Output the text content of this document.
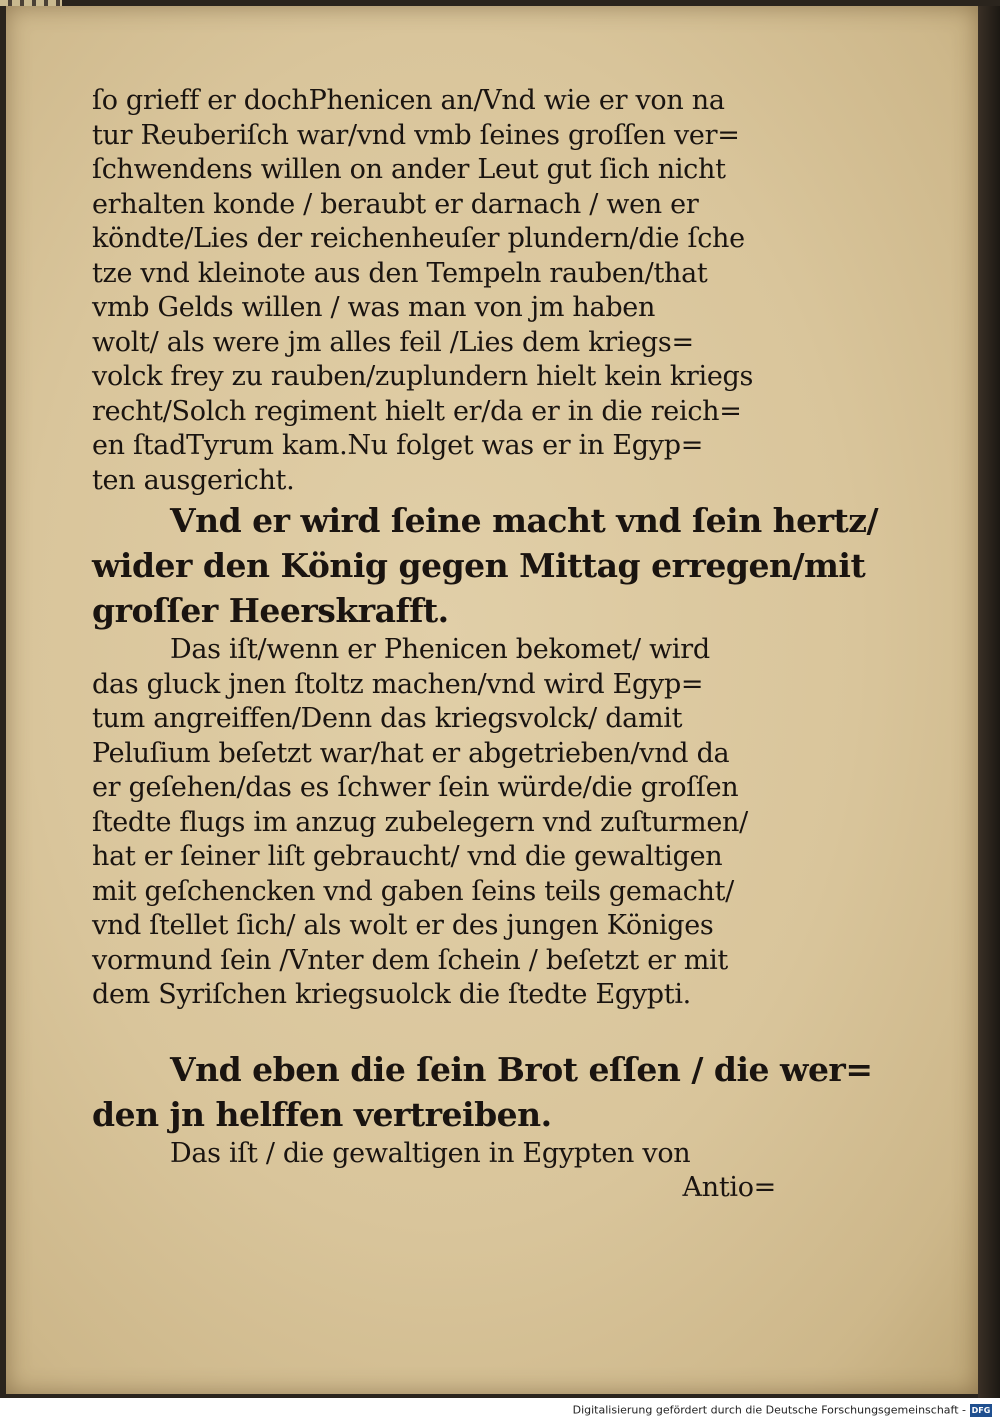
ſo grieff er dochPhenicen an/Vnd wie er von na
tur Reuberiſch war/vnd vmb ſeines groſſen ver=
ſchwendens willen on ander Leut gut ſich nicht
erhalten konde / beraubt er darnach / wen er
köndte/Lies der reichenheuſer plundern/die ſche
tze vnd kleinote aus den Tempeln rauben/that
vmb Gelds willen / was man von jm haben
wolt/ als were jm alles feil /Lies dem kriegs=
volck frey zu rauben/zuplundern hielt kein kriegs
recht/Solch regiment hielt er/da er in die reich=
en ſtadTyrum kam.Nu folget was er in Egyp=
ten ausgericht.
Vnd er wird ſeine macht vnd ſein hertz/
wider den König gegen Mittag erregen/mit
groſſer Heerskrafft.
Das iſt/wenn er Phenicen bekomet/ wird
das gluck jnen ſtoltz machen/vnd wird Egyp=
tum angreiffen/Denn das kriegsvolck/ damit
Peluſium beſetzt war/hat er abgetrieben/vnd da
er geſehen/das es ſchwer ſein würde/die groſſen
ſtedte flugs im anzug zubelegern vnd zuſturmen/
hat er ſeiner liſt gebraucht/ vnd die gewaltigen
mit geſchencken vnd gaben ſeins teils gemacht/
vnd ſtellet ſich/ als wolt er des jungen Königes
vormund ſein /Vnter dem ſchein / beſetzt er mit
dem Syriſchen kriegsuolck die ſtedte Egypti.
Vnd eben die ſein Brot eſſen / die wer=
den jn helffen vertreiben.
Das iſt / die gewaltigen in Egypten von
Antio=
Digitalisierung gefördert durch die Deutsche Forschungsgemeinschaft - DFG
